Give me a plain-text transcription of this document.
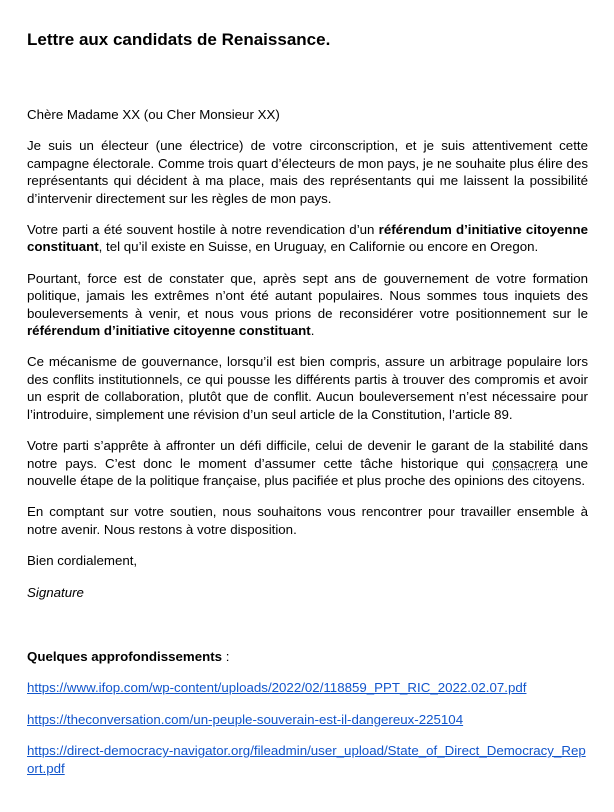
Lettre aux candidats de Renaissance.

Chère Madame XX (ou Cher Monsieur XX)

Je suis un électeur (une électrice) de votre circonscription, et je suis attentivement cette campagne électorale. Comme trois quart d’électeurs de mon pays, je ne souhaite plus élire des représentants qui décident à ma place, mais des représentants qui me laissent la possibilité d’intervenir directement sur les règles de mon pays.

Votre parti a été souvent hostile à notre revendication d’un référendum d’initiative citoyenne constituant, tel qu’il existe en Suisse, en Uruguay, en Californie ou encore en Oregon.

Pourtant, force est de constater que, après sept ans de gouvernement de votre formation politique, jamais les extrêmes n’ont été autant populaires. Nous sommes tous inquiets des bouleversements à venir, et nous vous prions de reconsidérer votre positionnement sur le référendum d’initiative citoyenne constituant.

Ce mécanisme de gouvernance, lorsqu’il est bien compris, assure un arbitrage populaire lors des conflits institutionnels, ce qui pousse les différents partis à trouver des compromis et avoir un esprit de collaboration, plutôt que de conflit. Aucun bouleversement n’est nécessaire pour l’introduire, simplement une révision d’un seul article de la Constitution, l’article 89.

Votre parti s’apprête à affronter un défi difficile, celui de devenir le garant de la stabilité dans notre pays. C’est donc le moment d’assumer cette tâche historique qui consacrera une nouvelle étape de la politique française, plus pacifiée et plus proche des opinions des citoyens.

En comptant sur votre soutien, nous souhaitons vous rencontrer pour travailler ensemble à notre avenir. Nous restons à votre disposition.

Bien cordialement,

Signature

Quelques approfondissements :

https://www.ifop.com/wp-content/uploads/2022/02/118859_PPT_RIC_2022.02.07.pdf
https://theconversation.com/un-peuple-souverain-est-il-dangereux-225104
https://direct-democracy-navigator.org/fileadmin/user_upload/State_of_Direct_Democracy_Report.pdf
